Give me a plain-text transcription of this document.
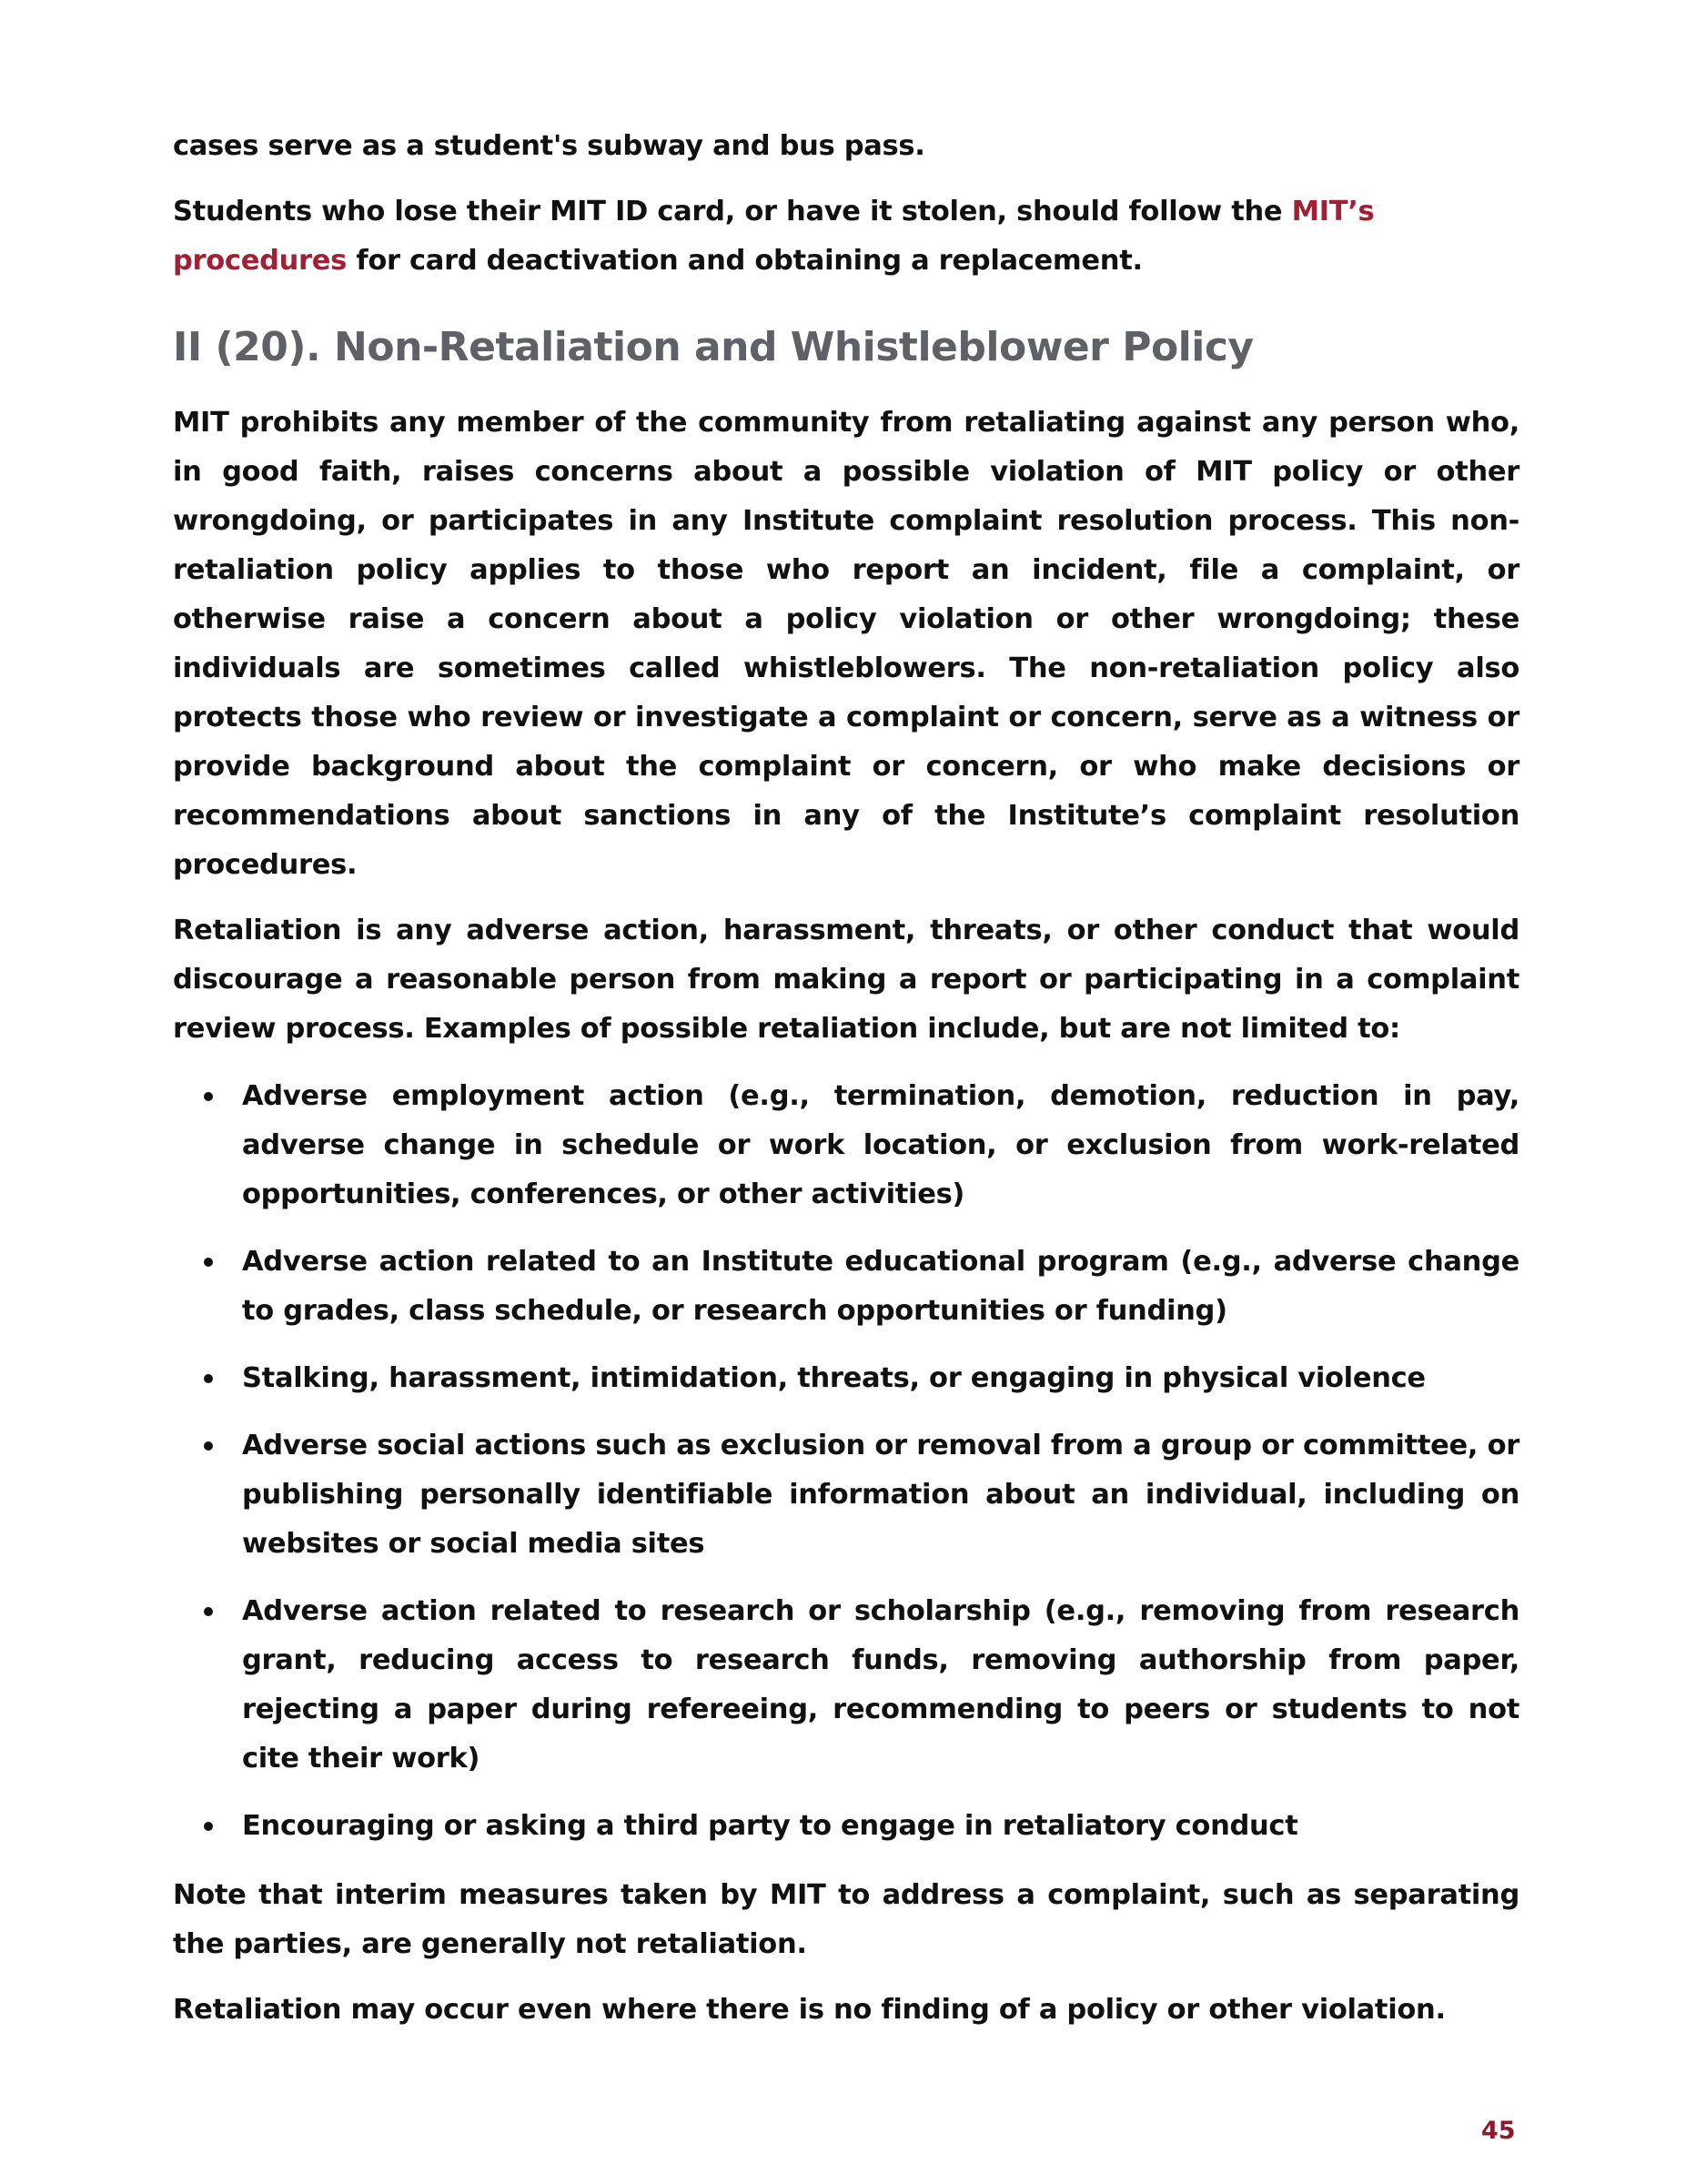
cases serve as a student's subway and bus pass.

Students who lose their MIT ID card, or have it stolen, should follow the MIT’s procedures for card deactivation and obtaining a replacement.

II (20). Non-Retaliation and Whistleblower Policy

MIT prohibits any member of the community from retaliating against any person who, in good faith, raises concerns about a possible violation of MIT policy or other wrongdoing, or participates in any Institute complaint resolution process. This non-retaliation policy applies to those who report an incident, file a complaint, or otherwise raise a concern about a policy violation or other wrongdoing; these individuals are sometimes called whistleblowers. The non-retaliation policy also protects those who review or investigate a complaint or concern, serve as a witness or provide background about the complaint or concern, or who make decisions or recommendations about sanctions in any of the Institute’s complaint resolution procedures.

Retaliation is any adverse action, harassment, threats, or other conduct that would discourage a reasonable person from making a report or participating in a complaint review process. Examples of possible retaliation include, but are not limited to:

Adverse employment action (e.g., termination, demotion, reduction in pay, adverse change in schedule or work location, or exclusion from work-related opportunities, conferences, or other activities)
Adverse action related to an Institute educational program (e.g., adverse change to grades, class schedule, or research opportunities or funding)
Stalking, harassment, intimidation, threats, or engaging in physical violence
Adverse social actions such as exclusion or removal from a group or committee, or publishing personally identifiable information about an individual, including on websites or social media sites
Adverse action related to research or scholarship (e.g., removing from research grant, reducing access to research funds, removing authorship from paper, rejecting a paper during refereeing, recommending to peers or students to not cite their work)
Encouraging or asking a third party to engage in retaliatory conduct

Note that interim measures taken by MIT to address a complaint, such as separating the parties, are generally not retaliation.

Retaliation may occur even where there is no finding of a policy or other violation.

45
